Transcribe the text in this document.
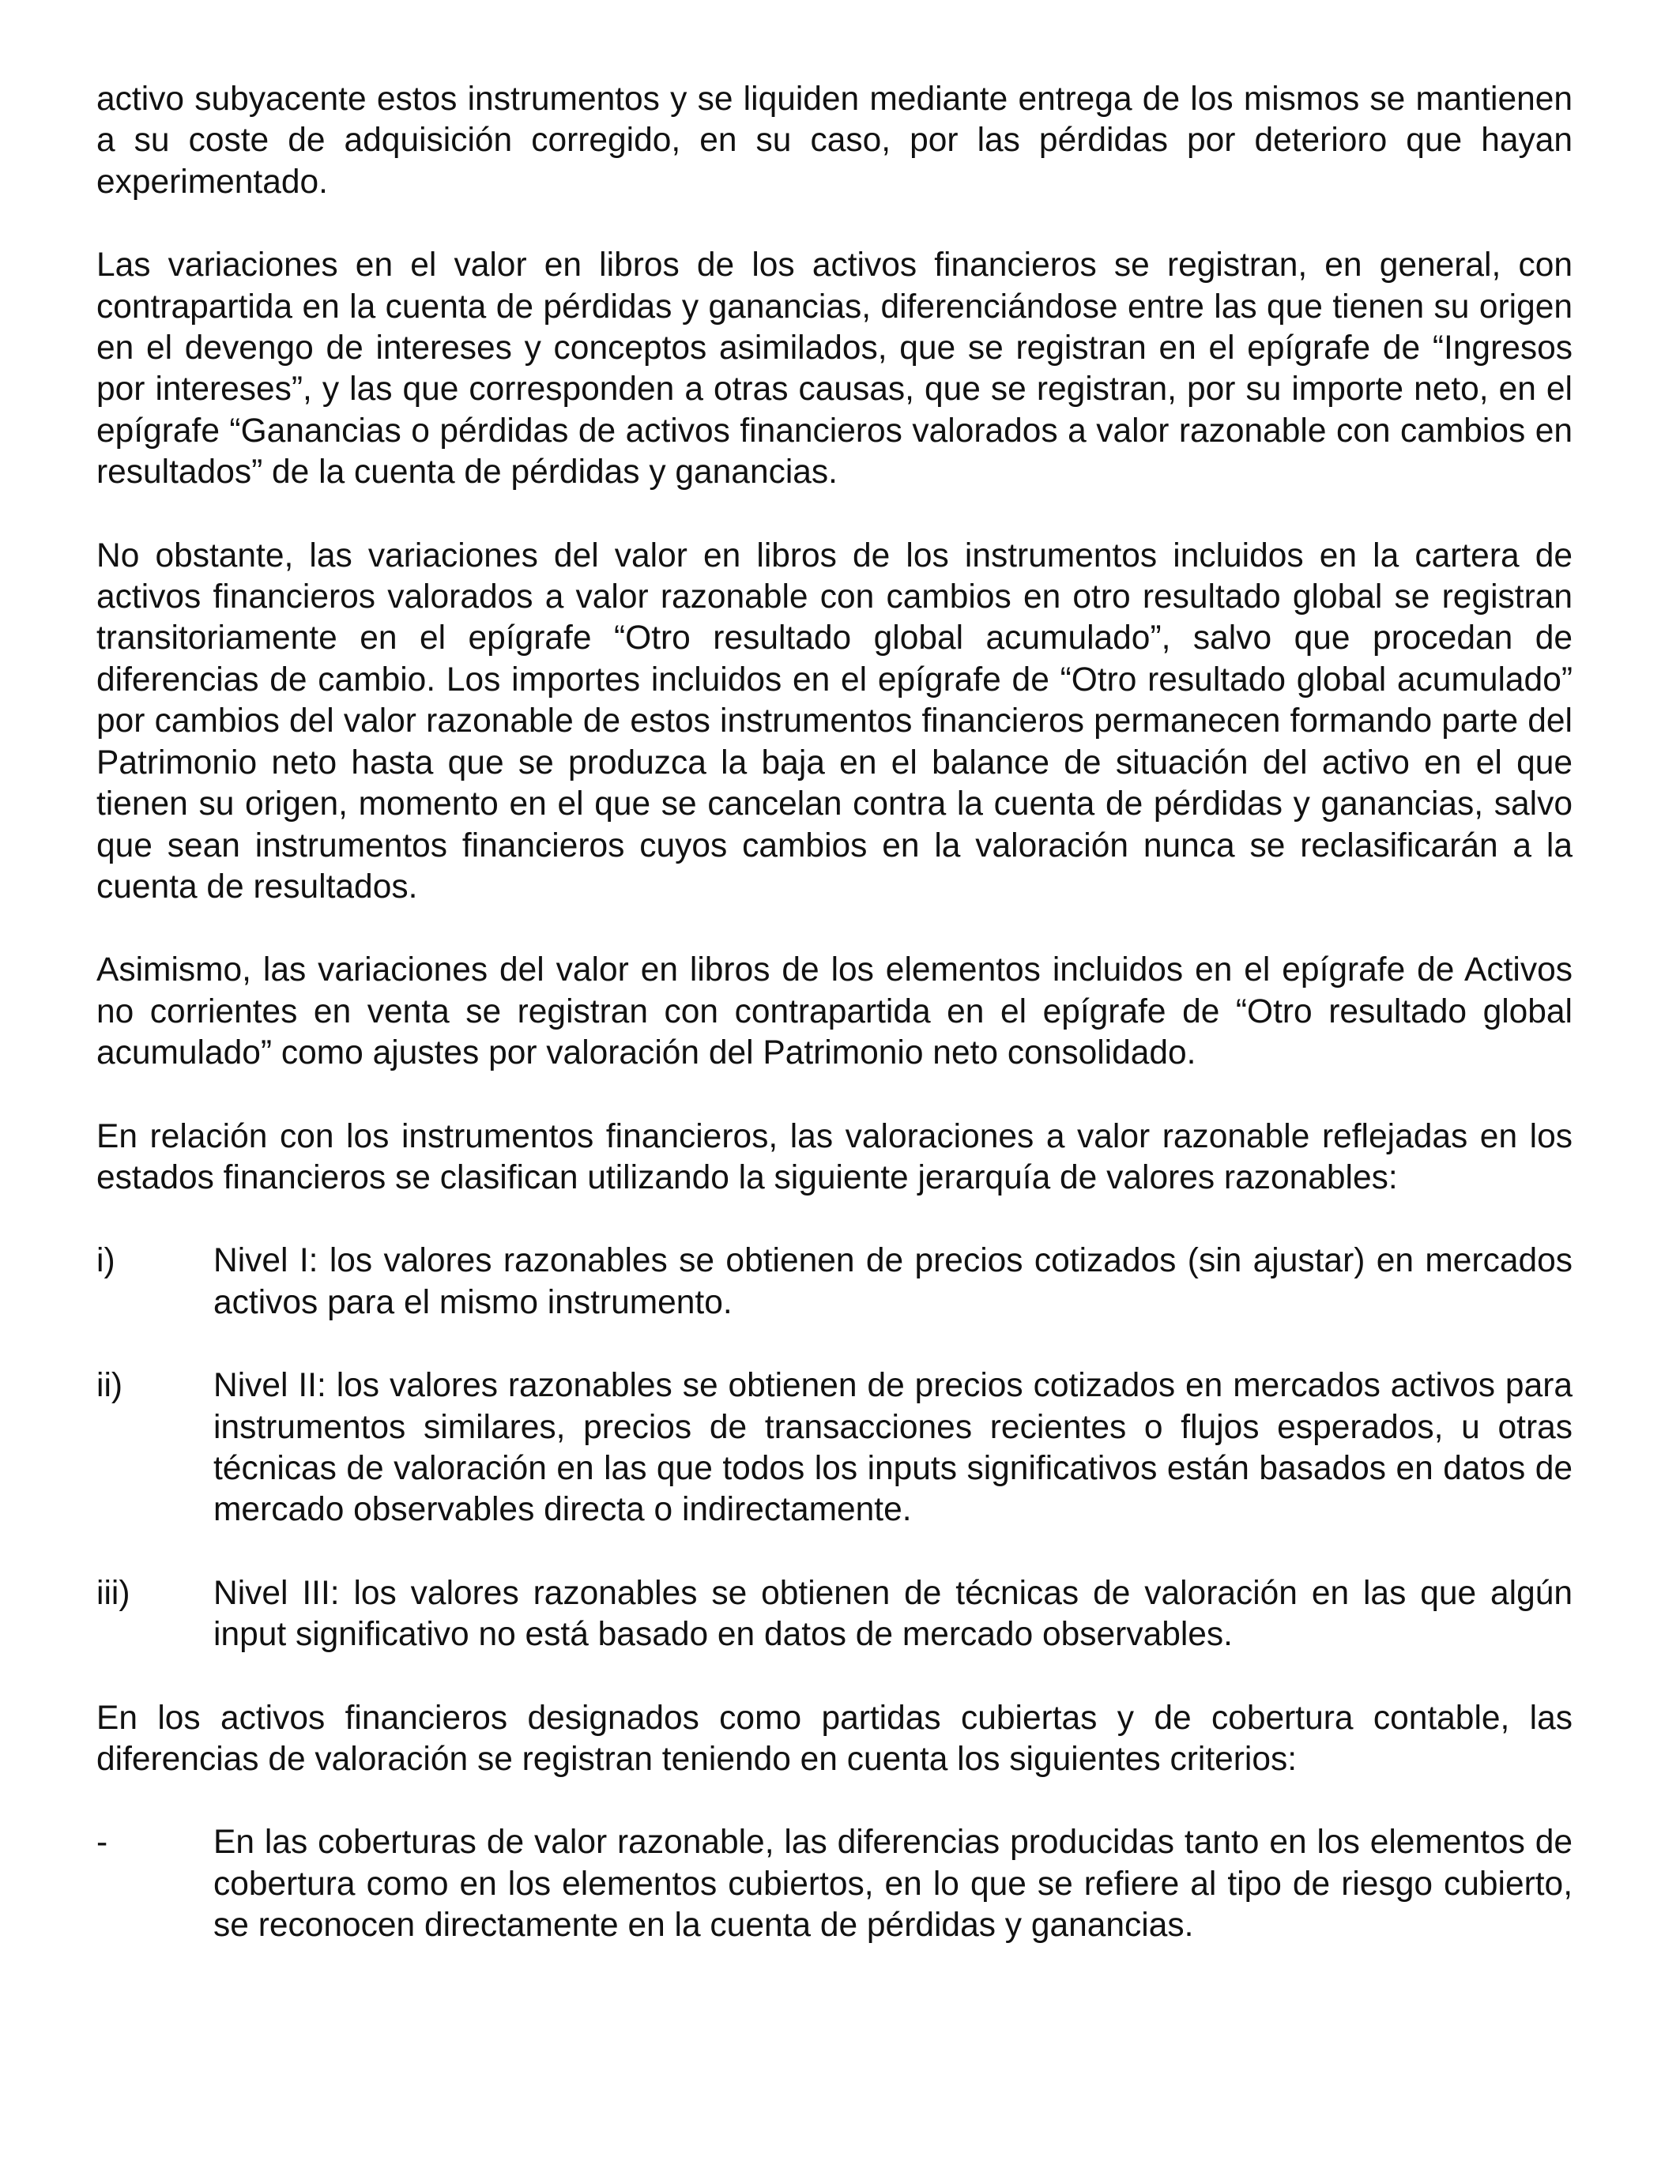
activo subyacente estos instrumentos y se liquiden mediante entrega de los mismos se mantienen a su coste de adquisición corregido, en su caso, por las pérdidas por deterioro que hayan experimentado.

Las variaciones en el valor en libros de los activos financieros se registran, en general, con contrapartida en la cuenta de pérdidas y ganancias, diferenciándose entre las que tienen su origen en el devengo de intereses y conceptos asimilados, que se registran en el epígrafe de “Ingresos por intereses”, y las que corresponden a otras causas, que se registran, por su importe neto, en el epígrafe “Ganancias o pérdidas de activos financieros valorados a valor razonable con cambios en resultados” de la cuenta de pérdidas y ganancias.

No obstante, las variaciones del valor en libros de los instrumentos incluidos en la cartera de activos financieros valorados a valor razonable con cambios en otro resultado global se registran transitoriamente en el epígrafe “Otro resultado global acumulado”, salvo que procedan de diferencias de cambio. Los importes incluidos en el epígrafe de “Otro resultado global acumulado” por cambios del valor razonable de estos instrumentos financieros permanecen formando parte del Patrimonio neto hasta que se produzca la baja en el balance de situación del activo en el que tienen su origen, momento en el que se cancelan contra la cuenta de pérdidas y ganancias, salvo que sean instrumentos financieros cuyos cambios en la valoración nunca se reclasificarán a la cuenta de resultados.

Asimismo, las variaciones del valor en libros de los elementos incluidos en el epígrafe de Activos no corrientes en venta se registran con contrapartida en el epígrafe de “Otro resultado global acumulado” como ajustes por valoración del Patrimonio neto consolidado.

En relación con los instrumentos financieros, las valoraciones a valor razonable reflejadas en los estados financieros se clasifican utilizando la siguiente jerarquía de valores razonables:

i)	Nivel I: los valores razonables se obtienen de precios cotizados (sin ajustar) en mercados activos para el mismo instrumento.
ii)	Nivel II: los valores razonables se obtienen de precios cotizados en mercados activos para instrumentos similares, precios de transacciones recientes o flujos esperados, u otras técnicas de valoración en las que todos los inputs significativos están basados en datos de mercado observables directa o indirectamente.
iii)	Nivel III: los valores razonables se obtienen de técnicas de valoración en las que algún input significativo no está basado en datos de mercado observables.

En los activos financieros designados como partidas cubiertas y de cobertura contable, las diferencias de valoración se registran teniendo en cuenta los siguientes criterios:

-	En las coberturas de valor razonable, las diferencias producidas tanto en los elementos de cobertura como en los elementos cubiertos, en lo que se refiere al tipo de riesgo cubierto, se reconocen directamente en la cuenta de pérdidas y ganancias.
